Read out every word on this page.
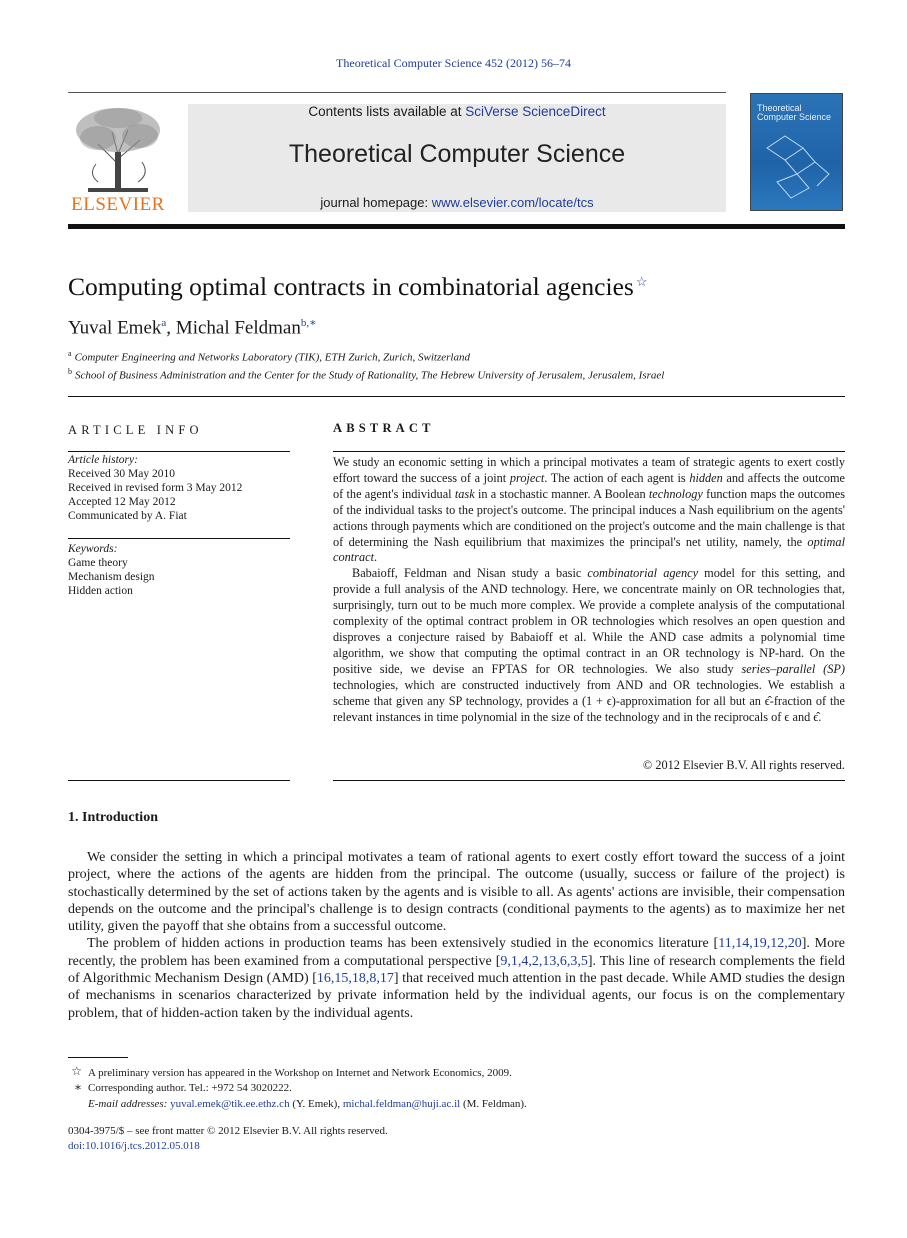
Theoretical Computer Science 452 (2012) 56–74
ELSEVIER
Contents lists available at SciVerse ScienceDirect
Theoretical Computer Science
journal homepage: www.elsevier.com/locate/tcs
Theoretical Computer Science
Computing optimal contracts in combinatorial agencies ☆
Yuval Emek$^a$, Michal Feldman$^{b,∗}$
$^a$ Computer Engineering and Networks Laboratory (TIK), ETH Zurich, Zurich, Switzerland
$^b$ School of Business Administration and the Center for the Study of Rationality, The Hebrew University of Jerusalem, Jerusalem, Israel
ARTICLE INFO
Article history:
Received 30 May 2010
Received in revised form 3 May 2012
Accepted 12 May 2012
Communicated by A. Fiat
Keywords:
Game theory
Mechanism design
Hidden action
ABSTRACT

We study an economic setting in which a principal motivates a team of strategic agents to exert costly effort toward the success of a joint project. The action of each agent is hidden and affects the outcome of the agent's individual task in a stochastic manner. A Boolean technology function maps the outcomes of the individual tasks to the project's outcome. The principal induces a Nash equilibrium on the agents' actions through payments which are conditioned on the project's outcome and the main challenge is that of determining the Nash equilibrium that maximizes the principal's net utility, namely, the optimal contract.

Babaioff, Feldman and Nisan study a basic combinatorial agency model for this setting, and provide a full analysis of the AND technology. Here, we concentrate mainly on OR technologies that, surprisingly, turn out to be much more complex. We provide a complete analysis of the computational complexity of the optimal contract problem in OR technologies which resolves an open question and disproves a conjecture raised by Babaioff et al. While the AND case admits a polynomial time algorithm, we show that computing the optimal contract in an OR technology is NP-hard. On the positive side, we devise an FPTAS for OR technologies. We also study series–parallel (SP) technologies, which are constructed inductively from AND and OR technologies. We establish a scheme that given any SP technology, provides a (1 + ϵ)-approximation for all but an ϵ̂-fraction of the relevant instances in time polynomial in the size of the technology and in the reciprocals of ϵ and ϵ̂.

© 2012 Elsevier B.V. All rights reserved.
1. Introduction

We consider the setting in which a principal motivates a team of rational agents to exert costly effort toward the success of a joint project, where the actions of the agents are hidden from the principal. The outcome (usually, success or failure of the project) is stochastically determined by the set of actions taken by the agents and is visible to all. As agents' actions are invisible, their compensation depends on the outcome and the principal's challenge is to design contracts (conditional payments to the agents) as to maximize her net utility, given the payoff that she obtains from a successful outcome.

The problem of hidden actions in production teams has been extensively studied in the economics literature [11,14,19,12,20]. More recently, the problem has been examined from a computational perspective [9,1,4,2,13,6,3,5]. This line of research complements the field of Algorithmic Mechanism Design (AMD) [16,15,18,8,17] that received much attention in the past decade. While AMD studies the design of mechanisms in scenarios characterized by private information held by the individual agents, our focus is on the complementary problem, that of hidden-action taken by the individual agents.

☆ A preliminary version has appeared in the Workshop on Internet and Network Economics, 2009.
∗ Corresponding author. Tel.: +972 54 3020222.
E-mail addresses: yuval.emek@tik.ee.ethz.ch (Y. Emek), michal.feldman@huji.ac.il (M. Feldman).
0304-3975/$ – see front matter © 2012 Elsevier B.V. All rights reserved.
doi:10.1016/j.tcs.2012.05.018
